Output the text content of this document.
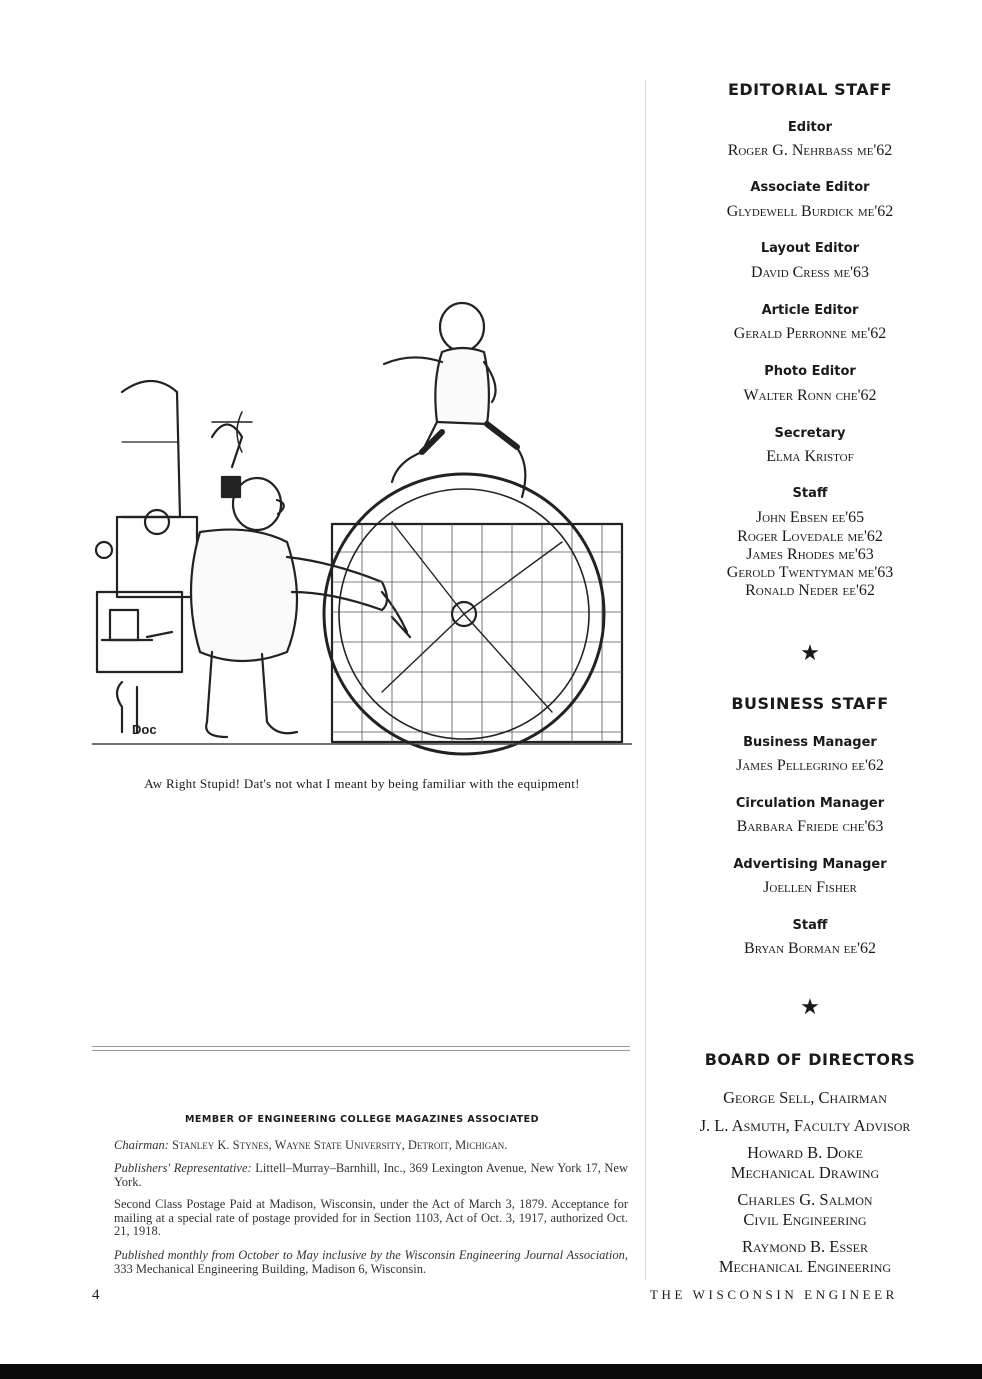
EDITORIAL STAFF
Editor
Roger G. Nehrbass me'62
Associate Editor
Glydewell Burdick me'62
Layout Editor
David Cress me'63
Article Editor
Gerald Perronne me'62
Photo Editor
Walter Ronn che'62
Secretary
Elma Kristof
Staff
John Ebsen ee'65
Roger Lovedale me'62
James Rhodes me'63
Gerold Twentyman me'63
Ronald Neder ee'62
★
BUSINESS STAFF
Business Manager
James Pellegrino ee'62
Circulation Manager
Barbara Friede che'63
Advertising Manager
Joellen Fisher
Staff
Bryan Borman ee'62
★
BOARD OF DIRECTORS
George Sell, Chairman
J. L. Asmuth, Faculty Advisor
Howard B. Doke
Mechanical Drawing
Charles G. Salmon
Civil Engineering
Raymond B. Esser
Mechanical Engineering
Doc
Aw Right Stupid! Dat's not what I meant by being familiar with the equipment!
MEMBER OF ENGINEERING COLLEGE MAGAZINES ASSOCIATED
Chairman: Stanley K. Stynes, Wayne State University, Detroit, Michigan.
Publishers' Representative: Littell–Murray–Barnhill, Inc., 369 Lexington Avenue, New York 17, New York.
Second Class Postage Paid at Madison, Wisconsin, under the Act of March 3, 1879. Acceptance for mailing at a special rate of postage provided for in Section 1103, Act of Oct. 3, 1917, authorized Oct. 21, 1918.
Published monthly from October to May inclusive by the Wisconsin Engineering Journal Association, 333 Mechanical Engineering Building, Madison 6, Wisconsin.
4	THE WISCONSIN ENGINEER
